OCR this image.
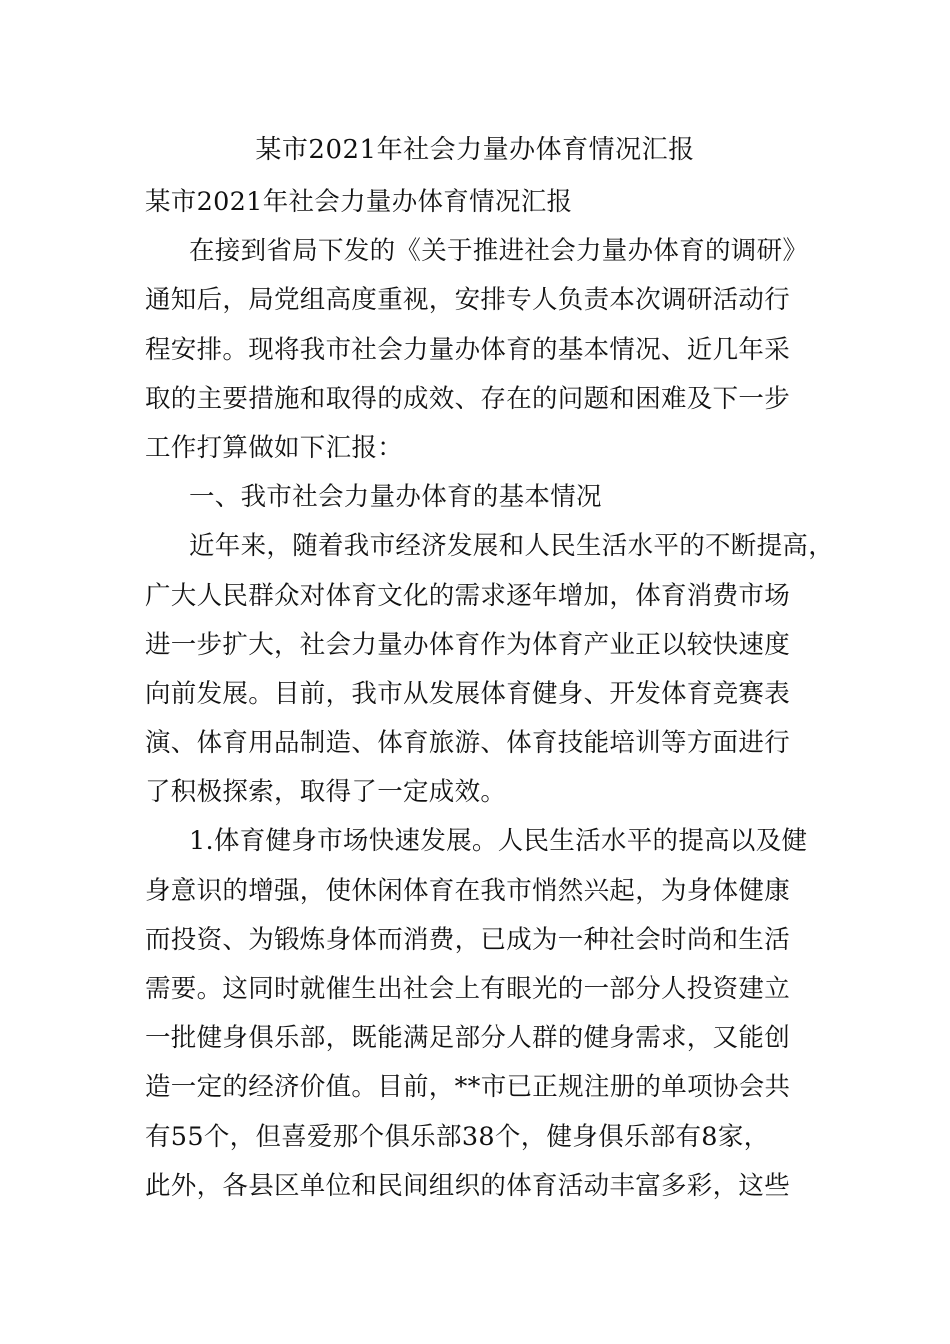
某市2021年社会力量办体育情况汇报
某市2021年社会力量办体育情况汇报
在接到省局下发的《关于推进社会力量办体育的调研》
通知后，局党组高度重视，安排专人负责本次调研活动行
程安排。现将我市社会力量办体育的基本情况、近几年采
取的主要措施和取得的成效、存在的问题和困难及下一步
工作打算做如下汇报：
一、我市社会力量办体育的基本情况
近年来，随着我市经济发展和人民生活水平的不断提高，
广大人民群众对体育文化的需求逐年增加，体育消费市场
进一步扩大，社会力量办体育作为体育产业正以较快速度
向前发展。目前，我市从发展体育健身、开发体育竞赛表
演、体育用品制造、体育旅游、体育技能培训等方面进行
了积极探索，取得了一定成效。
1.体育健身市场快速发展。人民生活水平的提高以及健
身意识的增强，使休闲体育在我市悄然兴起，为身体健康
而投资、为锻炼身体而消费，已成为一种社会时尚和生活
需要。这同时就催生出社会上有眼光的一部分人投资建立
一批健身俱乐部，既能满足部分人群的健身需求，又能创
造一定的经济价值。目前，**市已正规注册的单项协会共
有55个，但喜爱那个俱乐部38个，健身俱乐部有8家，
此外，各县区单位和民间组织的体育活动丰富多彩，这些
